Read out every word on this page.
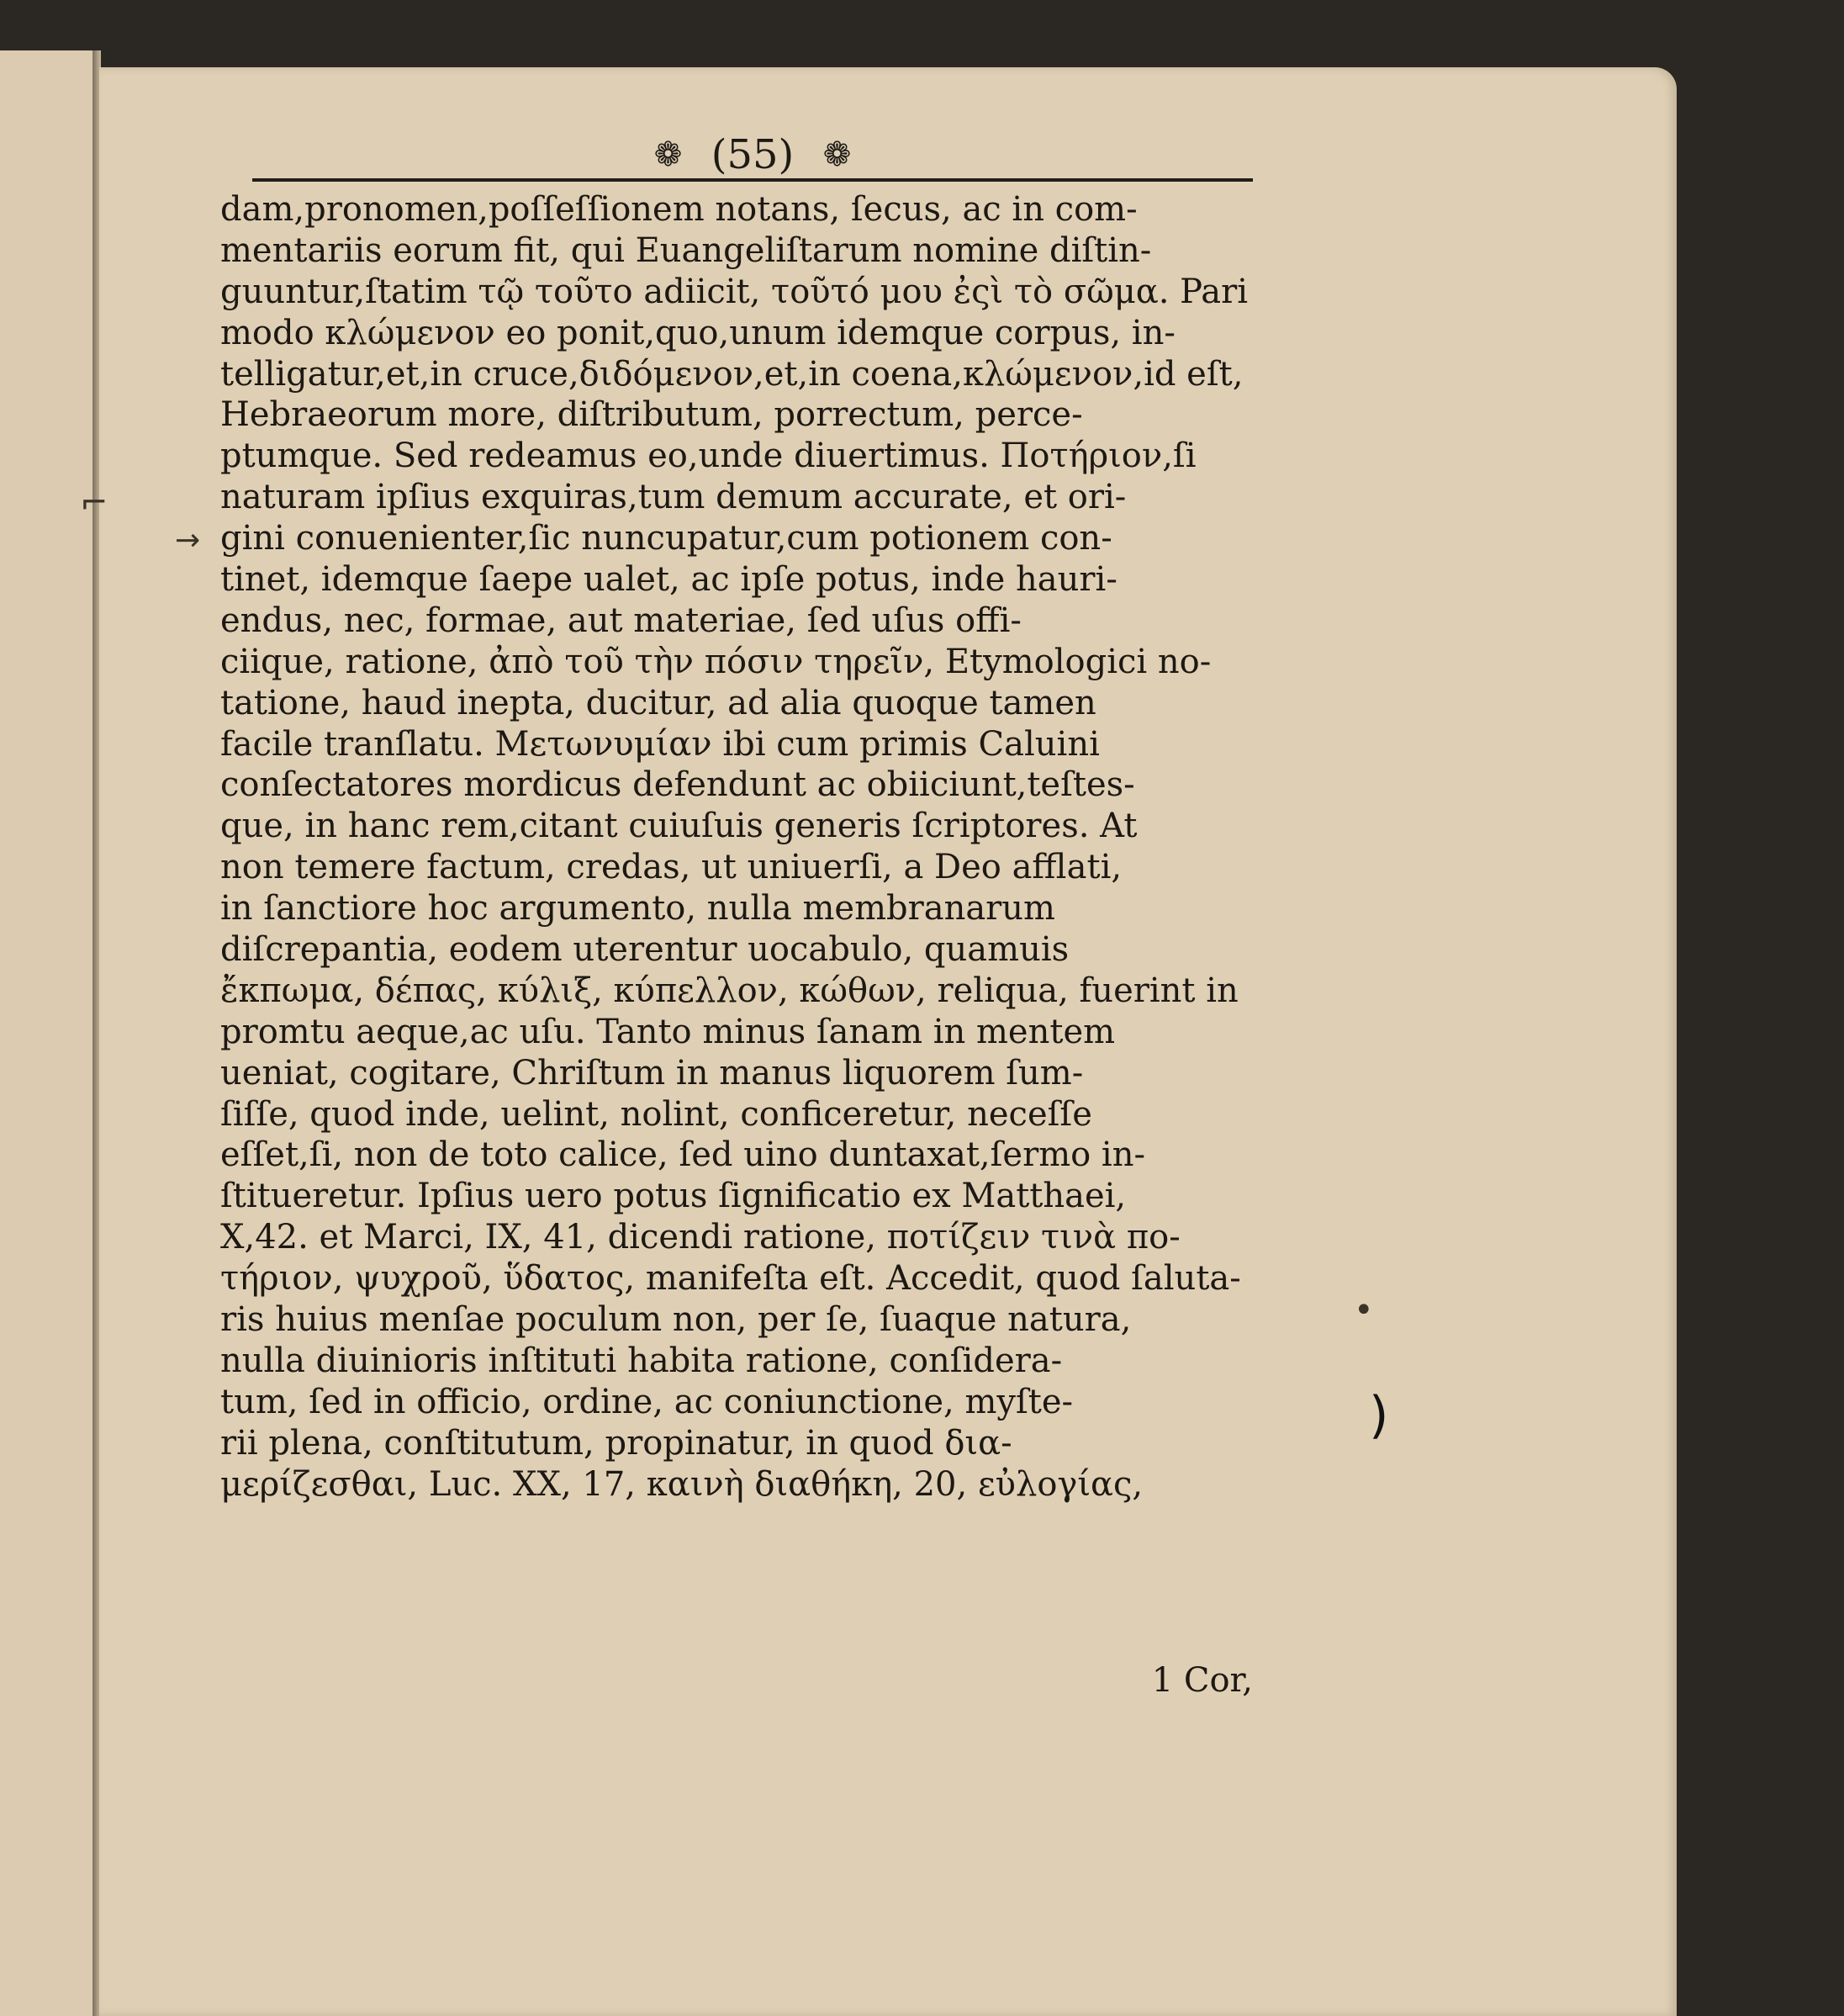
❁ (55) ❁
dam,pronomen,poſſeſſionem notans, ſecus, ac in com-
mentariis eorum fit, qui Euangeliſtarum nomine diſtin-
guuntur,ſtatim τῷ τοῦτο adiicit, τοῦτό μου ἐςὶ τὸ σῶμα. Pari
modo κλώμενον eo ponit,quo,unum idemque corpus, in-
telligatur,et,in cruce,διδόμενον,et,in coena,κλώμενον,id eſt,
Hebraeorum more, diſtributum, porrectum, perce-
ptumque. Sed redeamus eo,unde diuertimus. Ποτήριον,ſi
naturam ipſius exquiras,tum demum accurate, et ori-
gini conuenienter,ſic nuncupatur,cum potionem con-
tinet, idemque ſaepe ualet, ac ipſe potus, inde hauri-
endus, nec, formae, aut materiae, ſed uſus offi-
ciique, ratione, ἀπὸ τοῦ τὴν πόσιν τηρεῖν, Etymologici no-
tatione, haud inepta, ducitur, ad alia quoque tamen
facile tranſlatu. Μετωνυμίαν ibi cum primis Caluini
conſectatores mordicus defendunt ac obiiciunt,teſtes-
que, in hanc rem,citant cuiuſuis generis ſcriptores. At
non temere factum, credas, ut uniuerſi, a Deo afflati,
in ſanctiore hoc argumento, nulla membranarum
diſcrepantia, eodem uterentur uocabulo, quamuis
ἔκπωμα, δέπας, κύλιξ, κύπελλον, κώθων, reliqua, fuerint in
promtu aeque,ac uſu. Tanto minus ſanam in mentem
ueniat, cogitare, Chriſtum in manus liquorem ſum-
ſiſſe, quod inde, uelint, nolint, conficeretur, neceſſe
eſſet,ſi, non de toto calice, ſed uino duntaxat,ſermo in-
ſtitueretur. Ipſius uero potus ſignificatio ex Matthaei,
X,42. et Marci, IX, 41, dicendi ratione, ποτίζειν τινὰ πο-
τήριον, ψυχροῦ, ὕδατος, manifeſta eſt. Accedit, quod ſaluta-
ris huius menſae poculum non, per ſe, ſuaque natura,
nulla diuinioris inſtituti habita ratione, conſidera-
tum, ſed in officio, ordine, ac coniunctione, myſte-
rii plena, conſtitutum, propinatur, in quod δια-
μερίζεσθαι, Luc. XX, 17, καινὴ διαθήκη, 20, εὐλογίας,
1 Cor,
⌐
→
•
)
